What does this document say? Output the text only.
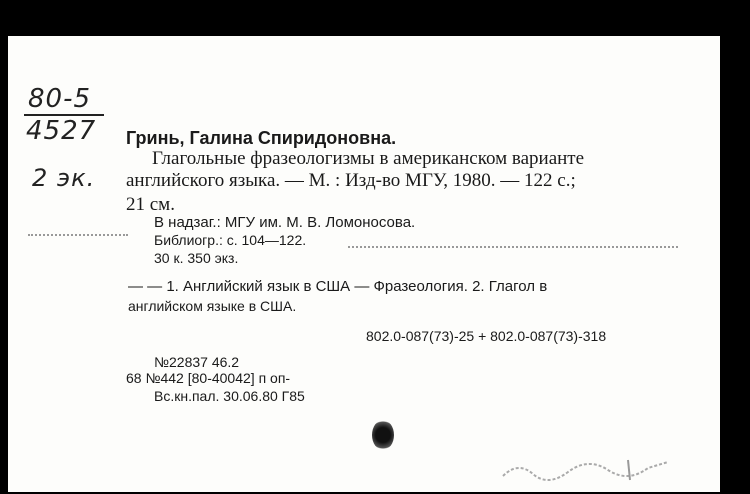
80-5
4527
2 эк.
Гринь, Галина Спиридоновна.
Глагольные фразеологизмы в американском варианте
английского языка. — М. : Изд-во МГУ, 1980. — 122 с.;
21 см.
В надзаг.: МГУ им. М. В. Ломоносова.
Библиогр.: с. 104—122.
30 к. 350 экз.
— — 1. Английский язык в США — Фразеология. 2. Глагол в
английском языке в США.
802.0-087(73)-25 + 802.0-087(73)-318
№22837 46.2
68 №442 [80-40042] п оп-
Вс.кн.пал. 30.06.80 Г85
